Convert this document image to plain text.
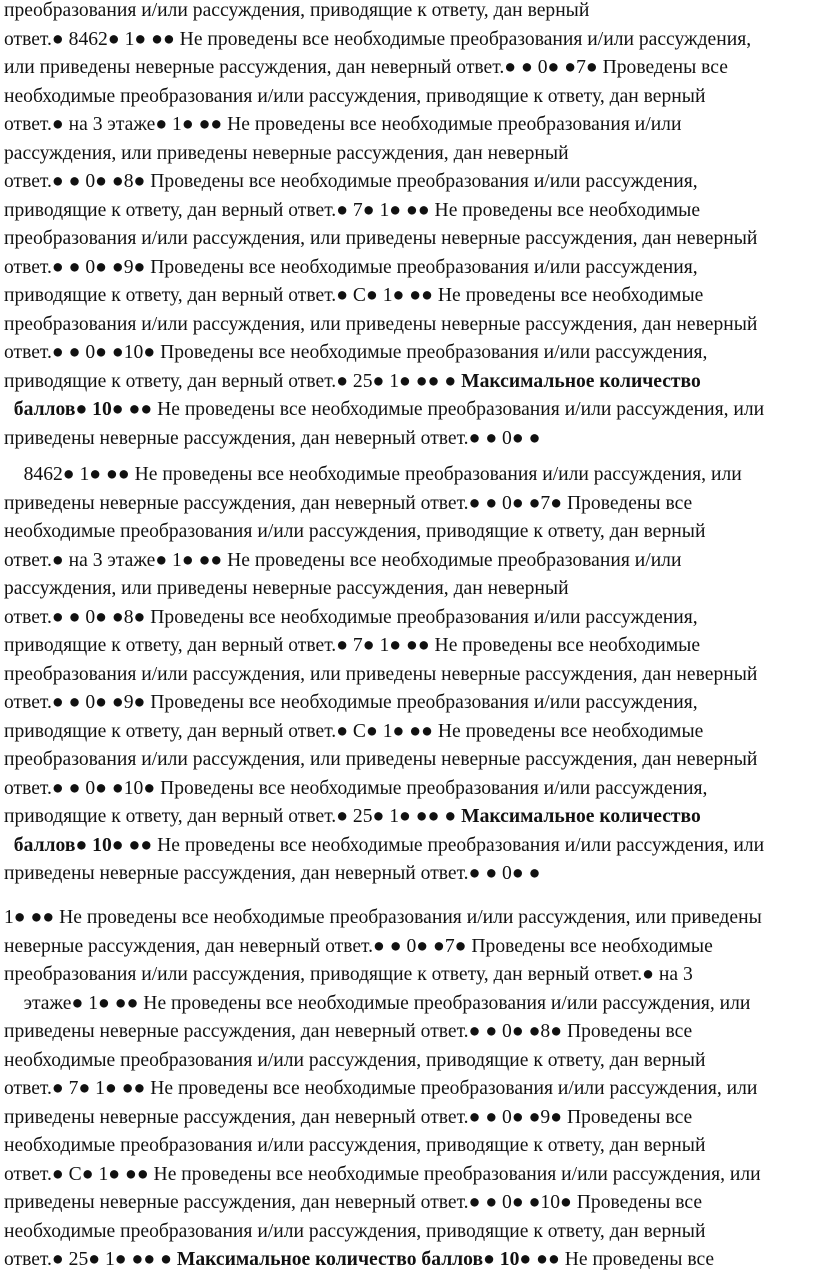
преобразования и/или рассуждения, приводящие к ответу, дан верный
ответ.● 8462● 1● ●● Не проведены все необходимые преобразования и/или рассуждения,
или приведены неверные рассуждения, дан неверный ответ.● ● 0● ●7● Проведены все
необходимые преобразования и/или рассуждения, приводящие к ответу, дан верный
ответ.● на 3 этаже● 1● ●● Не проведены все необходимые преобразования и/или
рассуждения, или приведены неверные рассуждения, дан неверный
ответ.● ● 0● ●8● Проведены все необходимые преобразования и/или рассуждения,
приводящие к ответу, дан верный ответ.● 7● 1● ●● Не проведены все необходимые
преобразования и/или рассуждения, или приведены неверные рассуждения, дан неверный
ответ.● ● 0● ●9● Проведены все необходимые преобразования и/или рассуждения,
приводящие к ответу, дан верный ответ.● С● 1● ●● Не проведены все необходимые
преобразования и/или рассуждения, или приведены неверные рассуждения, дан неверный
ответ.● ● 0● ●10● Проведены все необходимые преобразования и/или рассуждения,
приводящие к ответу, дан верный ответ.● 25● 1● ●● ● Максимальное количество
баллов● 10● ●● Не проведены все необходимые преобразования и/или рассуждения, или
приведены неверные рассуждения, дан неверный ответ.● ● 0● ●
8462● 1● ●● Не проведены все необходимые преобразования и/или рассуждения, или
приведены неверные рассуждения, дан неверный ответ.● ● 0● ●7● Проведены все
необходимые преобразования и/или рассуждения, приводящие к ответу, дан верный
ответ.● на 3 этаже● 1● ●● Не проведены все необходимые преобразования и/или
рассуждения, или приведены неверные рассуждения, дан неверный
ответ.● ● 0● ●8● Проведены все необходимые преобразования и/или рассуждения,
приводящие к ответу, дан верный ответ.● 7● 1● ●● Не проведены все необходимые
преобразования и/или рассуждения, или приведены неверные рассуждения, дан неверный
ответ.● ● 0● ●9● Проведены все необходимые преобразования и/или рассуждения,
приводящие к ответу, дан верный ответ.● С● 1● ●● Не проведены все необходимые
преобразования и/или рассуждения, или приведены неверные рассуждения, дан неверный
ответ.● ● 0● ●10● Проведены все необходимые преобразования и/или рассуждения,
приводящие к ответу, дан верный ответ.● 25● 1● ●● ● Максимальное количество
баллов● 10● ●● Не проведены все необходимые преобразования и/или рассуждения, или
приведены неверные рассуждения, дан неверный ответ.● ● 0● ●
1● ●● Не проведены все необходимые преобразования и/или рассуждения, или приведены
неверные рассуждения, дан неверный ответ.● ● 0● ●7● Проведены все необходимые
преобразования и/или рассуждения, приводящие к ответу, дан верный ответ.● на 3
этаже● 1● ●● Не проведены все необходимые преобразования и/или рассуждения, или
приведены неверные рассуждения, дан неверный ответ.● ● 0● ●8● Проведены все
необходимые преобразования и/или рассуждения, приводящие к ответу, дан верный
ответ.● 7● 1● ●● Не проведены все необходимые преобразования и/или рассуждения, или
приведены неверные рассуждения, дан неверный ответ.● ● 0● ●9● Проведены все
необходимые преобразования и/или рассуждения, приводящие к ответу, дан верный
ответ.● С● 1● ●● Не проведены все необходимые преобразования и/или рассуждения, или
приведены неверные рассуждения, дан неверный ответ.● ● 0● ●10● Проведены все
необходимые преобразования и/или рассуждения, приводящие к ответу, дан верный
ответ.● 25● 1● ●● ● Максимальное количество баллов● 10● ●● Не проведены все
